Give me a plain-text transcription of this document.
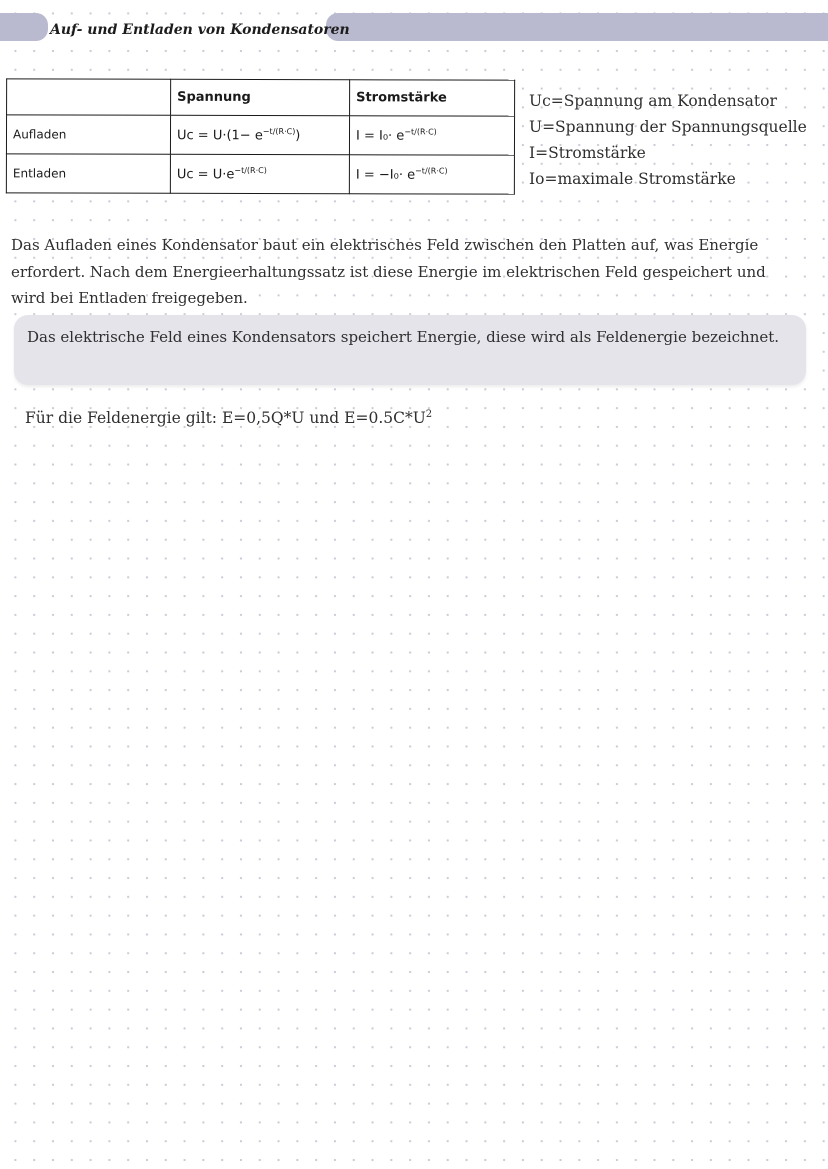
Auf- und Entladen von Kondensatoren
	Spannung	Stromstärke
Aufladen	Uᴄ = $U\cdot(1- e^{-t/(R\cdot C)})$	$I = I_0\cdot e^{-t/(R\cdot C)}$
Entladen	Uᴄ = $U\cdot e^{-t/(R\cdot C)}$	$I = -I_0\cdot e^{-t/(R\cdot C)}$
Uc=Spannung am Kondensator
U=Spannung der Spannungsquelle
I=Stromstärke
Io=maximale Stromstärke

Das Aufladen eines Kondensator baut ein elektrisches Feld zwischen den Platten auf, was Energie erfordert. Nach dem Energieerhaltungssatz ist diese Energie im elektrischen Feld gespeichert und wird bei Entladen freigegeben.

Das elektrische Feld eines Kondensators speichert Energie, diese wird als Feldenergie bezeichnet.

Für die Feldenergie gilt: E=0,5Q*U und $E=0.5C*U^2$
